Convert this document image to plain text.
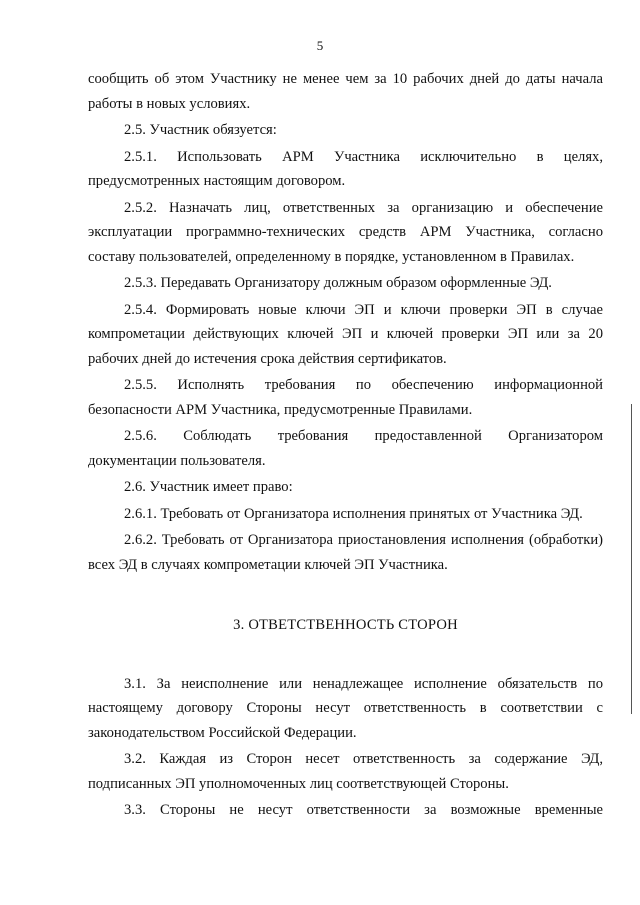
5

сообщить об этом Участнику не менее чем за 10 рабочих дней до даты начала работы в новых условиях.

2.5. Участник обязуется:

2.5.1. Использовать АРМ Участника исключительно в целях, предусмотренных настоящим договором.

2.5.2. Назначать лиц, ответственных за организацию и обеспечение эксплуатации программно-технических средств АРМ Участника, согласно составу пользователей, определенному в порядке, установленном в Правилах.

2.5.3. Передавать Организатору должным образом оформленные ЭД.

2.5.4. Формировать новые ключи ЭП и ключи проверки ЭП в случае компрометации действующих ключей ЭП и ключей проверки ЭП или за 20 рабочих дней до истечения срока действия сертификатов.

2.5.5. Исполнять требования по обеспечению информационной безопасности АРМ Участника, предусмотренные Правилами.

2.5.6. Соблюдать требования предоставленной Организатором документации пользователя.

2.6. Участник имеет право:

2.6.1. Требовать от Организатора исполнения принятых от Участника ЭД.

2.6.2. Требовать от Организатора приостановления исполнения (обработки) всех ЭД в случаях компрометации ключей ЭП Участника.

3. ОТВЕТСТВЕННОСТЬ СТОРОН

3.1. За неисполнение или ненадлежащее исполнение обязательств по настоящему договору Стороны несут ответственность в соответствии с законодательством Российской Федерации.

3.2. Каждая из Сторон несет ответственность за содержание ЭД, подписанных ЭП уполномоченных лиц соответствующей Стороны.

3.3. Стороны не несут ответственности за возможные временные
